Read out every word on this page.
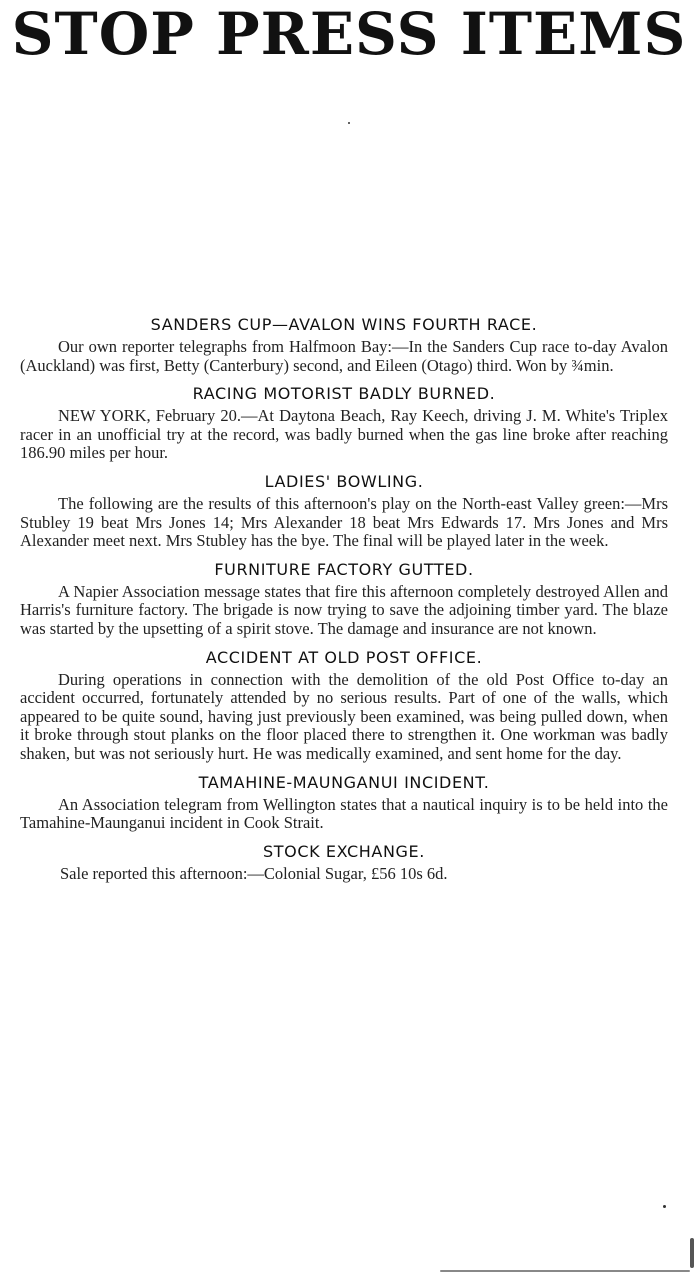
STOP PRESS ITEMS
SANDERS CUP—AVALON WINS FOURTH RACE.

Our own reporter telegraphs from Halfmoon Bay:—In the Sanders Cup race to-day Avalon (Auckland) was first, Betty (Canterbury) second, and Eileen (Otago) third. Won by ¾min.

RACING MOTORIST BADLY BURNED.

NEW YORK, February 20.—At Daytona Beach, Ray Keech, driving J. M. White's Triplex racer in an unofficial try at the record, was badly burned when the gas line broke after reaching 186.90 miles per hour.

LADIES' BOWLING.

The following are the results of this afternoon's play on the North-east Valley green:—Mrs Stubley 19 beat Mrs Jones 14; Mrs Alexander 18 beat Mrs Edwards 17. Mrs Jones and Mrs Alexander meet next. Mrs Stubley has the bye. The final will be played later in the week.

FURNITURE FACTORY GUTTED.

A Napier Association message states that fire this afternoon completely destroyed Allen and Harris's furniture factory. The brigade is now trying to save the adjoining timber yard. The blaze was started by the upsetting of a spirit stove. The damage and insurance are not known.

ACCIDENT AT OLD POST OFFICE.

During operations in connection with the demolition of the old Post Office to-day an accident occurred, fortunately attended by no serious results. Part of one of the walls, which appeared to be quite sound, having just previously been examined, was being pulled down, when it broke through stout planks on the floor placed there to strengthen it. One workman was badly shaken, but was not seriously hurt. He was medically examined, and sent home for the day.

TAMAHINE-MAUNGANUI INCIDENT.

An Association telegram from Wellington states that a nautical inquiry is to be held into the Tamahine-Maunganui incident in Cook Strait.

STOCK EXCHANGE.

Sale reported this afternoon:—Colonial Sugar, £56 10s 6d.
